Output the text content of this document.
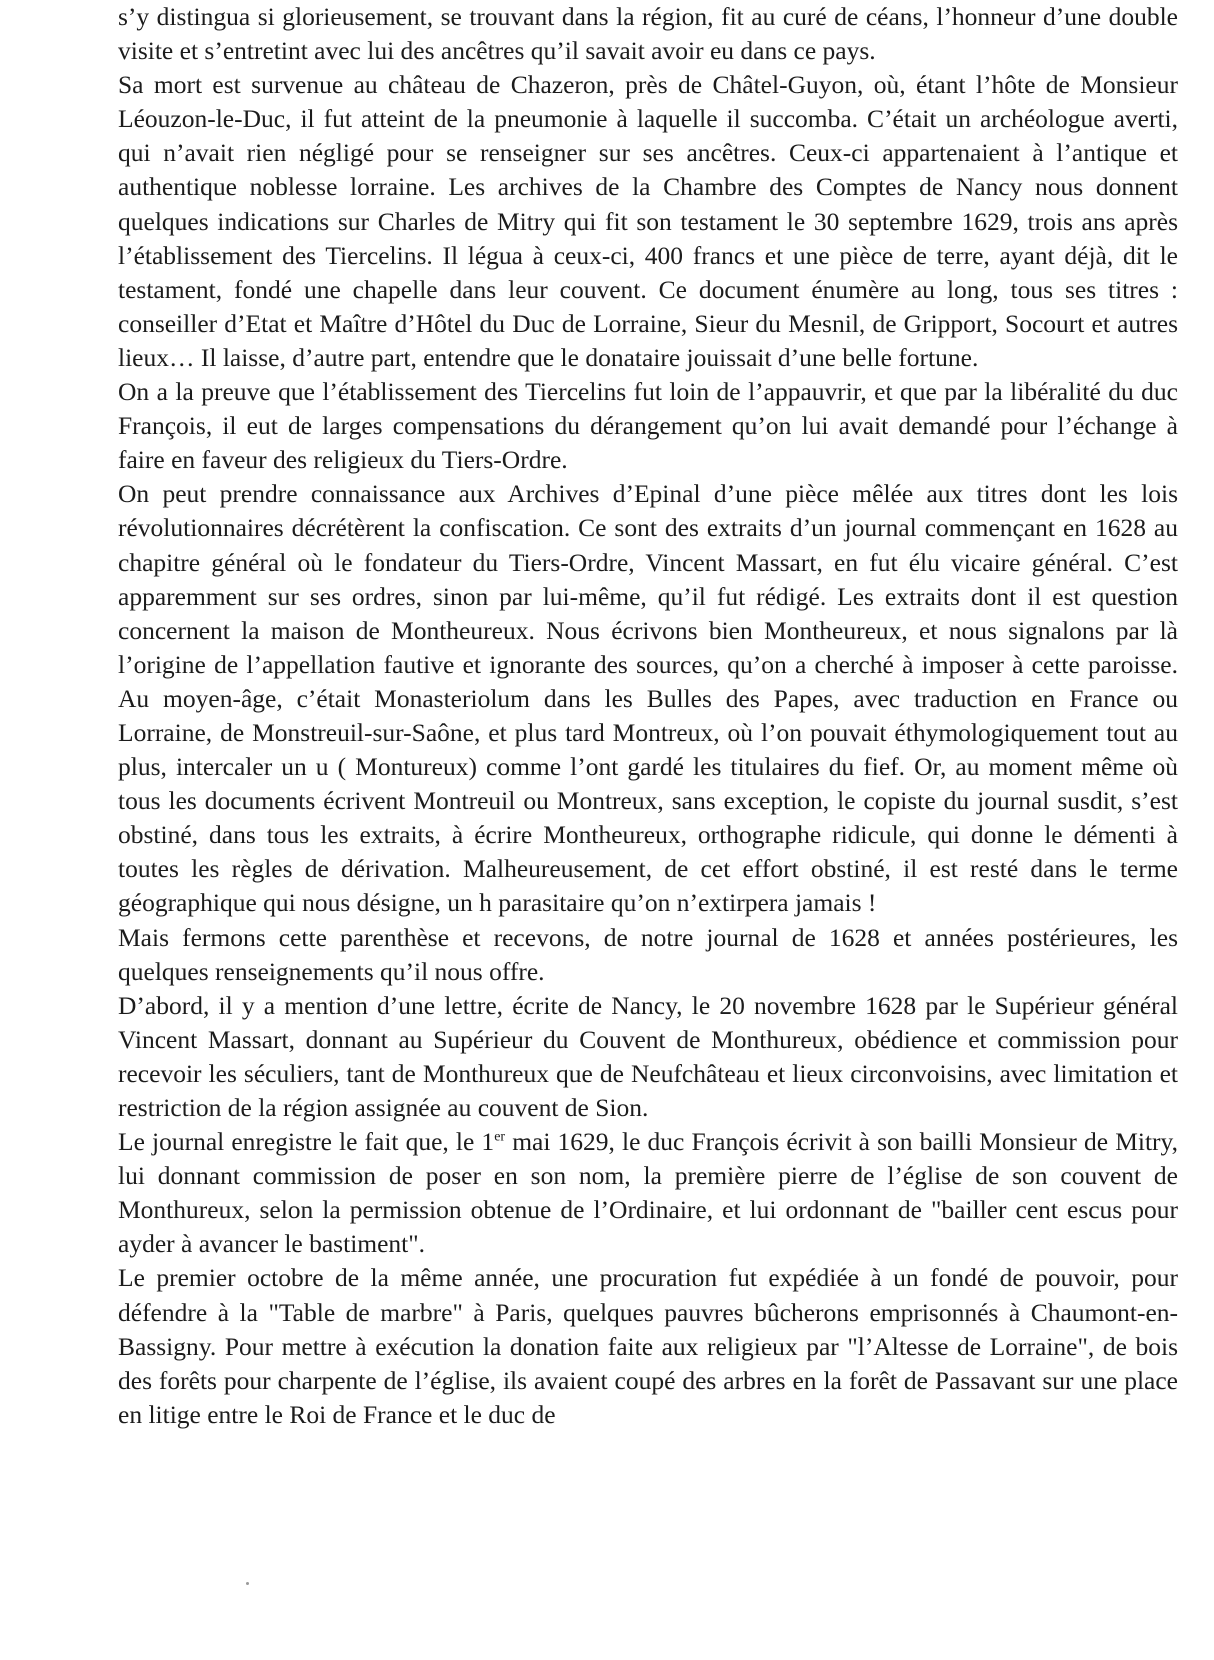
s’y distingua si glorieusement, se trouvant dans la région, fit au curé de céans, l’honneur d’une double visite et s’entretint avec lui des ancêtres qu’il savait avoir eu dans ce pays.

Sa mort est survenue au château de Chazeron, près de Châtel-Guyon, où, étant l’hôte de Monsieur Léouzon-le-Duc, il fut atteint de la pneumonie à laquelle il succomba. C’était un archéologue averti, qui n’avait rien négligé pour se renseigner sur ses ancêtres. Ceux-ci appartenaient à l’antique et authentique noblesse lorraine. Les archives de la Chambre des Comptes de Nancy nous donnent quelques indications sur Charles de Mitry qui fit son testament le 30 septembre 1629, trois ans après l’établissement des Tiercelins. Il légua à ceux-ci, 400 francs et une pièce de terre, ayant déjà, dit le testament, fondé une chapelle dans leur couvent. Ce document énumère au long, tous ses titres : conseiller d’Etat et Maître d’Hôtel du Duc de Lorraine, Sieur du Mesnil, de Gripport, Socourt et autres lieux… Il laisse, d’autre part, entendre que le donataire jouissait d’une belle fortune.

On a la preuve que l’établissement des Tiercelins fut loin de l’appauvrir, et que par la libéralité du duc François, il eut de larges compensations du dérangement qu’on lui avait demandé pour l’échange à faire en faveur des religieux du Tiers-Ordre.

On peut prendre connaissance aux Archives d’Epinal d’une pièce mêlée aux titres dont les lois révolutionnaires décrétèrent la confiscation. Ce sont des extraits d’un journal commençant en 1628 au chapitre général où le fondateur du Tiers-Ordre, Vincent Massart, en fut élu vicaire général. C’est apparemment sur ses ordres, sinon par lui-même, qu’il fut rédigé. Les extraits dont il est question concernent la maison de Montheureux. Nous écrivons bien Montheureux, et nous signalons par là l’origine de l’appellation fautive et ignorante des sources, qu’on a cherché à imposer à cette paroisse. Au moyen-âge, c’était Monasteriolum dans les Bulles des Papes, avec traduction en France ou Lorraine, de Monstreuil-sur-Saône, et plus tard Montreux, où l’on pouvait éthymologiquement tout au plus, intercaler un u ( Montureux) comme l’ont gardé les titulaires du fief. Or, au moment même où tous les documents écrivent Montreuil ou Montreux, sans exception, le copiste du journal susdit, s’est obstiné, dans tous les extraits, à écrire Montheureux, orthographe ridicule, qui donne le démenti à toutes les règles de dérivation. Malheureusement, de cet effort obstiné, il est resté dans le terme géographique qui nous désigne, un h parasitaire qu’on n’extirpera jamais !

Mais fermons cette parenthèse et recevons, de notre journal de 1628 et années postérieures, les quelques renseignements qu’il nous offre.

D’abord, il y a mention d’une lettre, écrite de Nancy, le 20 novembre 1628 par le Supérieur général Vincent Massart, donnant au Supérieur du Couvent de Monthureux, obédience et commission pour recevoir les séculiers, tant de Monthureux que de Neufchâteau et lieux circonvoisins, avec limitation et restriction de la région assignée au couvent de Sion.

Le journal enregistre le fait que, le 1er mai 1629, le duc François écrivit à son bailli Monsieur de Mitry, lui donnant commission de poser en son nom, la première pierre de l’église de son couvent de Monthureux, selon la permission obtenue de l’Ordinaire, et lui ordonnant de "bailler cent escus pour ayder à avancer le bastiment".

Le premier octobre de la même année, une procuration fut expédiée à un fondé de pouvoir, pour défendre à la "Table de marbre" à Paris, quelques pauvres bûcherons emprisonnés à Chaumont-en-Bassigny. Pour mettre à exécution la donation faite aux religieux par "l’Altesse de Lorraine", de bois des forêts pour charpente de l’église, ils avaient coupé des arbres en la forêt de Passavant sur une place en litige entre le Roi de France et le duc de
